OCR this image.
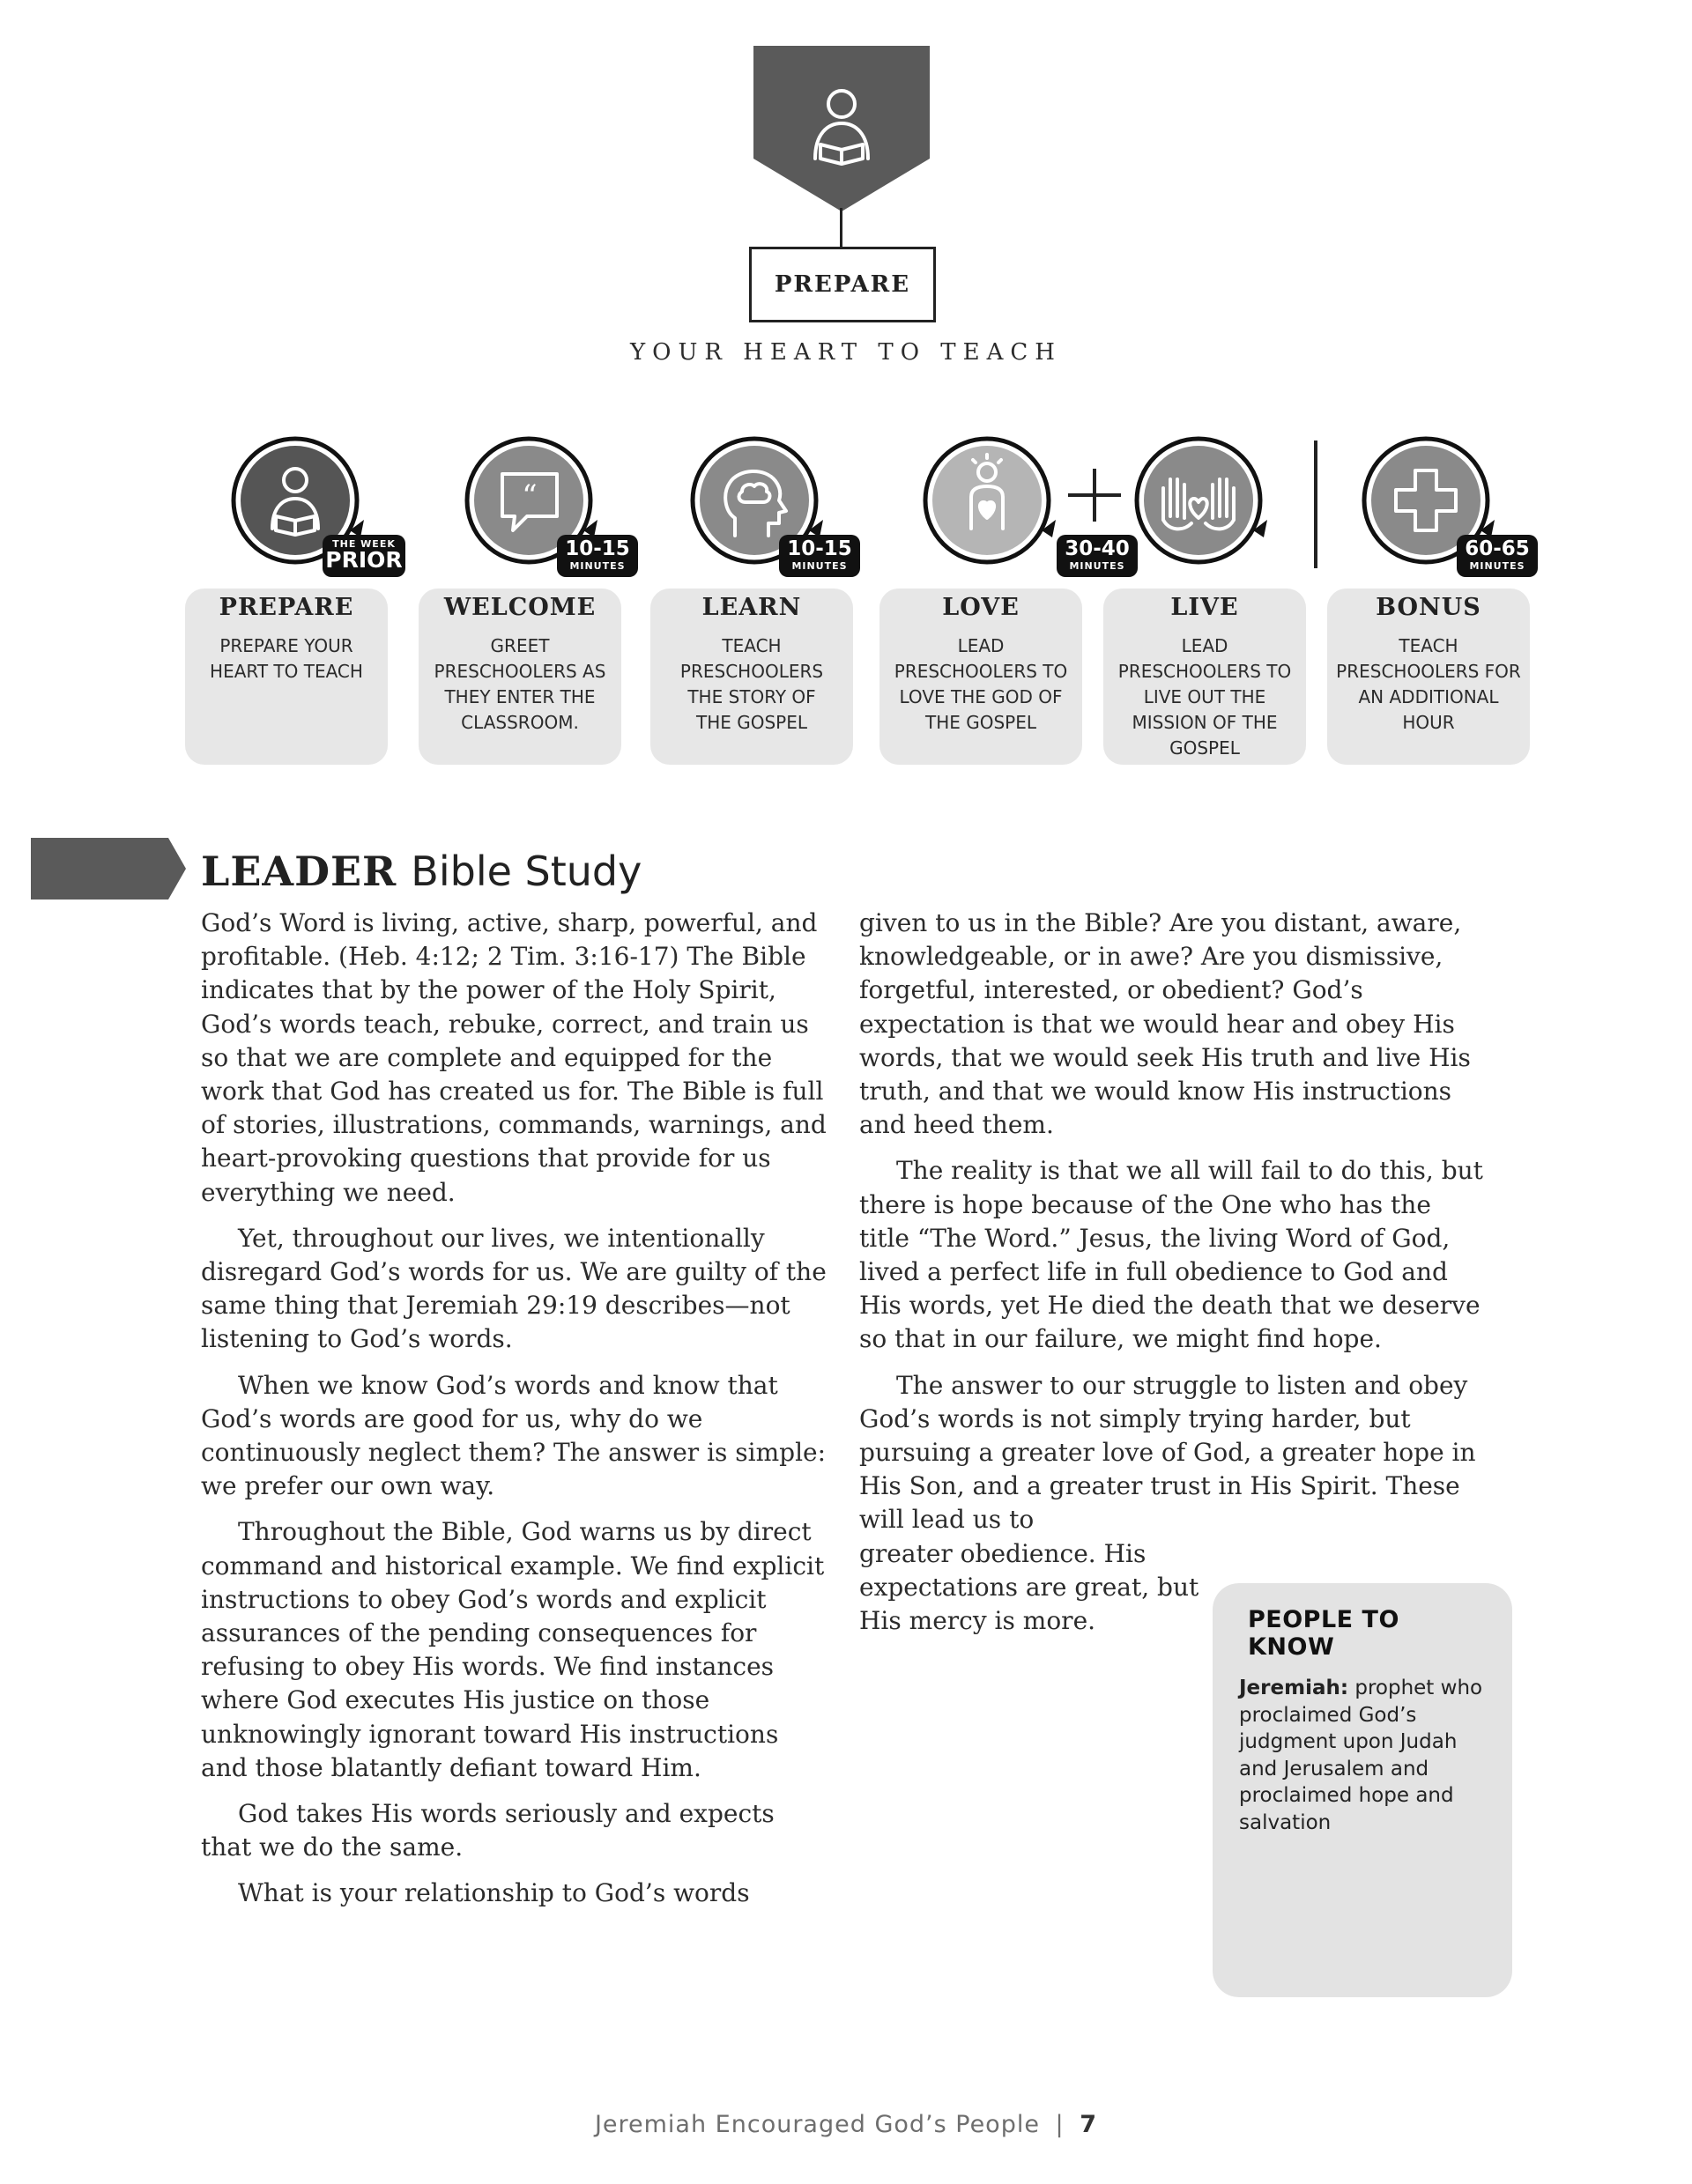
PREPARE
YOUR HEART TO TEACH
THE WEEK
PRIOR
“
10-15
MINUTES
10-15
MINUTES
30-40
MINUTES
60-65
MINUTES
PREPARE
PREPARE YOUR HEART TO TEACH
WELCOME
GREET PRESCHOOLERS AS THEY ENTER THE CLASSROOM.
LEARN
TEACH PRESCHOOLERS THE STORY OF THE GOSPEL
LOVE
LEAD PRESCHOOLERS TO LOVE THE GOD OF THE GOSPEL
LIVE
LEAD PRESCHOOLERS TO LIVE OUT THE MISSION OF THE GOSPEL
BONUS
TEACH PRESCHOOLERS FOR AN ADDITIONAL HOUR
LEADER Bible Study

God’s Word is living, active, sharp, powerful, and profitable. (Heb. 4:12; 2 Tim. 3:16-17) The Bible indicates that by the power of the Holy Spirit, God’s words teach, rebuke, correct, and train us so that we are complete and equipped for the work that God has created us for. The Bible is full of stories, illustrations, commands, warnings, and heart-provoking questions that provide for us everything we need.

Yet, throughout our lives, we intentionally disregard God’s words for us. We are guilty of the same thing that Jeremiah 29:19 describes—not listening to God’s words.

When we know God’s words and know that God’s words are good for us, why do we continuously neglect them? The answer is simple: we prefer our own way.

Throughout the Bible, God warns us by direct command and historical example. We find explicit instructions to obey God’s words and explicit assurances of the pending consequences for refusing to obey His words. We find instances where God executes His justice on those unknowingly ignorant toward His instructions and those blatantly defiant toward Him.

God takes His words seriously and expects that we do the same.

What is your relationship to God’s words

given to us in the Bible? Are you distant, aware, knowledgeable, or in awe? Are you dismissive, forgetful, interested, or obedient? God’s expectation is that we would hear and obey His words, that we would seek His truth and live His truth, and that we would know His instructions and heed them.

The reality is that we all will fail to do this, but there is hope because of the One who has the title “The Word.” Jesus, the living Word of God, lived a perfect life in full obedience to God and His words, yet He died the death that we deserve so that in our failure, we might find hope.

The answer to our struggle to listen and obey God’s words is not simply trying harder, but pursuing a greater love of God, a greater hope in His Son, and a greater trust in His Spirit. These will lead us to

greater obedience. His expectations are great, but His mercy is more.	PEOPLE TO KNOW
Jeremiah: prophet who proclaimed God’s judgment upon Judah and Jerusalem and proclaimed hope and salvation
Jeremiah Encouraged God’s People | 7
